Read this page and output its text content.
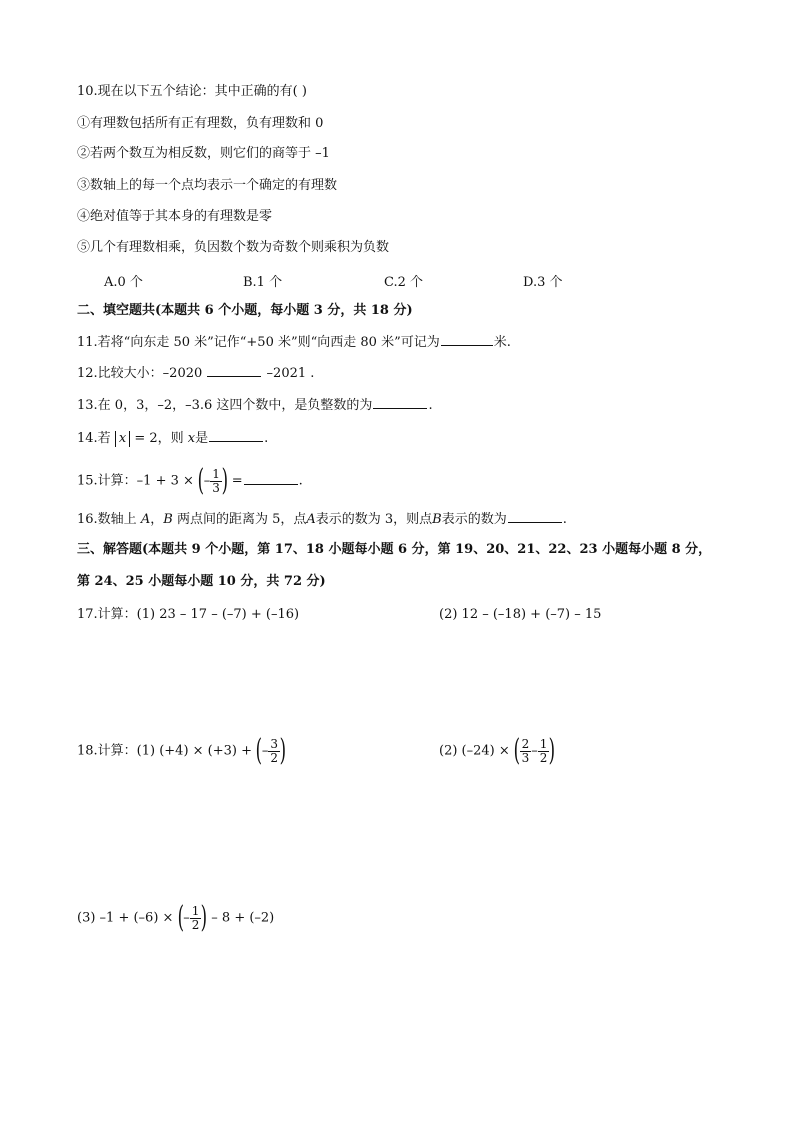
10.现在以下五个结论：其中正确的有( )
①有理数包括所有正有理数，负有理数和 0
②若两个数互为相反数，则它们的商等于 –1
③数轴上的每一个点均表示一个确定的有理数
④绝对值等于其本身的有理数是零
⑤几个有理数相乘，负因数个数为奇数个则乘积为负数
A.0 个	B.1 个	C.2 个	D.3 个
二、填空题共(本题共 6 个小题，每小题 3 分，共 18 分)
11.若将“向东走 50 米”记作“+50 米”则“向西走 80 米”可记为	米.
12.比较大小：–2020	–2021 .
13.在 0，3，–2，–3.6 这四个数中，是负整数的为	.
14.若 x = 2，则 x是	.
15.计算：–1 + 3 × (– $\frac{1}{3}$ ) =	.
16.数轴上 A，B 两点间的距离为 5，点A表示的数为 3，则点B表示的数为	.
三、解答题(本题共 9 个小题，第 17、18 小题每小题 6 分，第 19、20、21、22、23 小题每小题 8 分，
第 24、25 小题每小题 10 分，共 72 分)
17.计算：(1) 23 – 17 – (–7) + (–16)	(2) 12 – (–18) + (–7) – 15
18.计算：(1) (+4) × (+3) + (– $\frac{3}{2}$ )	(2) (–24) × ( $\frac{2}{3} - \frac{1}{2}$ )
(3) –1 + (–6) × (– $\frac{1}{2}$ ) – 8 + (–2)
